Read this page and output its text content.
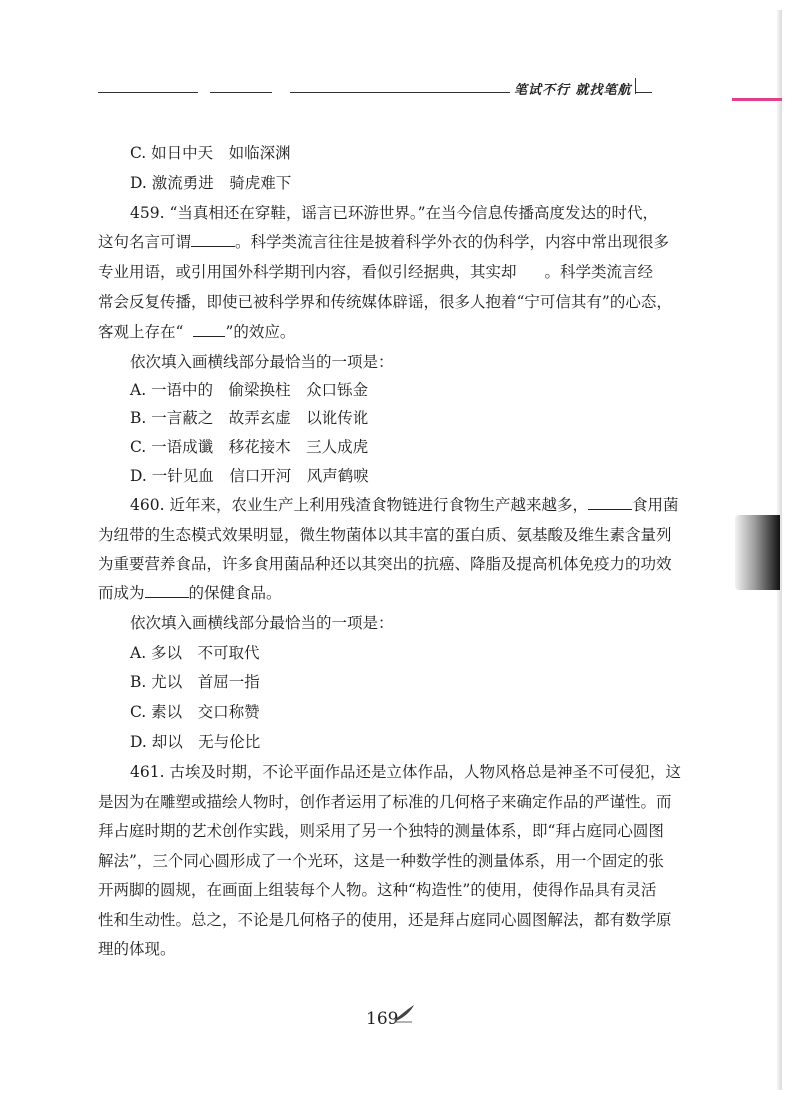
笔试不行 就找笔航
C. 如日中天　如临深渊
D. 激流勇进　骑虎难下
459. “当真相还在穿鞋，谣言已环游世界。”在当今信息传播高度发达的时代，
这句名言可谓	。科学类流言往往是披着科学外衣的伪科学，内容中常出现很多
专业用语，或引用国外科学期刊内容，看似引经据典，其实却 。科学类流言经
常会反复传播，即使已被科学界和传统媒体辟谣，很多人抱着“宁可信其有”的心态，
客观上存在“	”的效应。
依次填入画横线部分最恰当的一项是：
A. 一语中的　偷梁换柱　众口铄金
B. 一言蔽之　故弄玄虚　以讹传讹
C. 一语成谶　移花接木　三人成虎
D. 一针见血　信口开河　风声鹤唳
460. 近年来，农业生产上利用残渣食物链进行食物生产越来越多，	食用菌
为纽带的生态模式效果明显，微生物菌体以其丰富的蛋白质、氨基酸及维生素含量列
为重要营养食品，许多食用菌品种还以其突出的抗癌、降脂及提高机体免疫力的功效
而成为	的保健食品。
依次填入画横线部分最恰当的一项是：
A. 多以　不可取代
B. 尤以　首屈一指
C. 素以　交口称赞
D. 却以　无与伦比
461. 古埃及时期，不论平面作品还是立体作品，人物风格总是神圣不可侵犯，这
是因为在雕塑或描绘人物时，创作者运用了标准的几何格子来确定作品的严谨性。而
拜占庭时期的艺术创作实践，则采用了另一个独特的测量体系，即“拜占庭同心圆图
解法”，三个同心圆形成了一个光环，这是一种数学性的测量体系，用一个固定的张
开两脚的圆规，在画面上组装每个人物。这种“构造性”的使用，使得作品具有灵活
性和生动性。总之，不论是几何格子的使用，还是拜占庭同心圆图解法，都有数学原
理的体现。
169
